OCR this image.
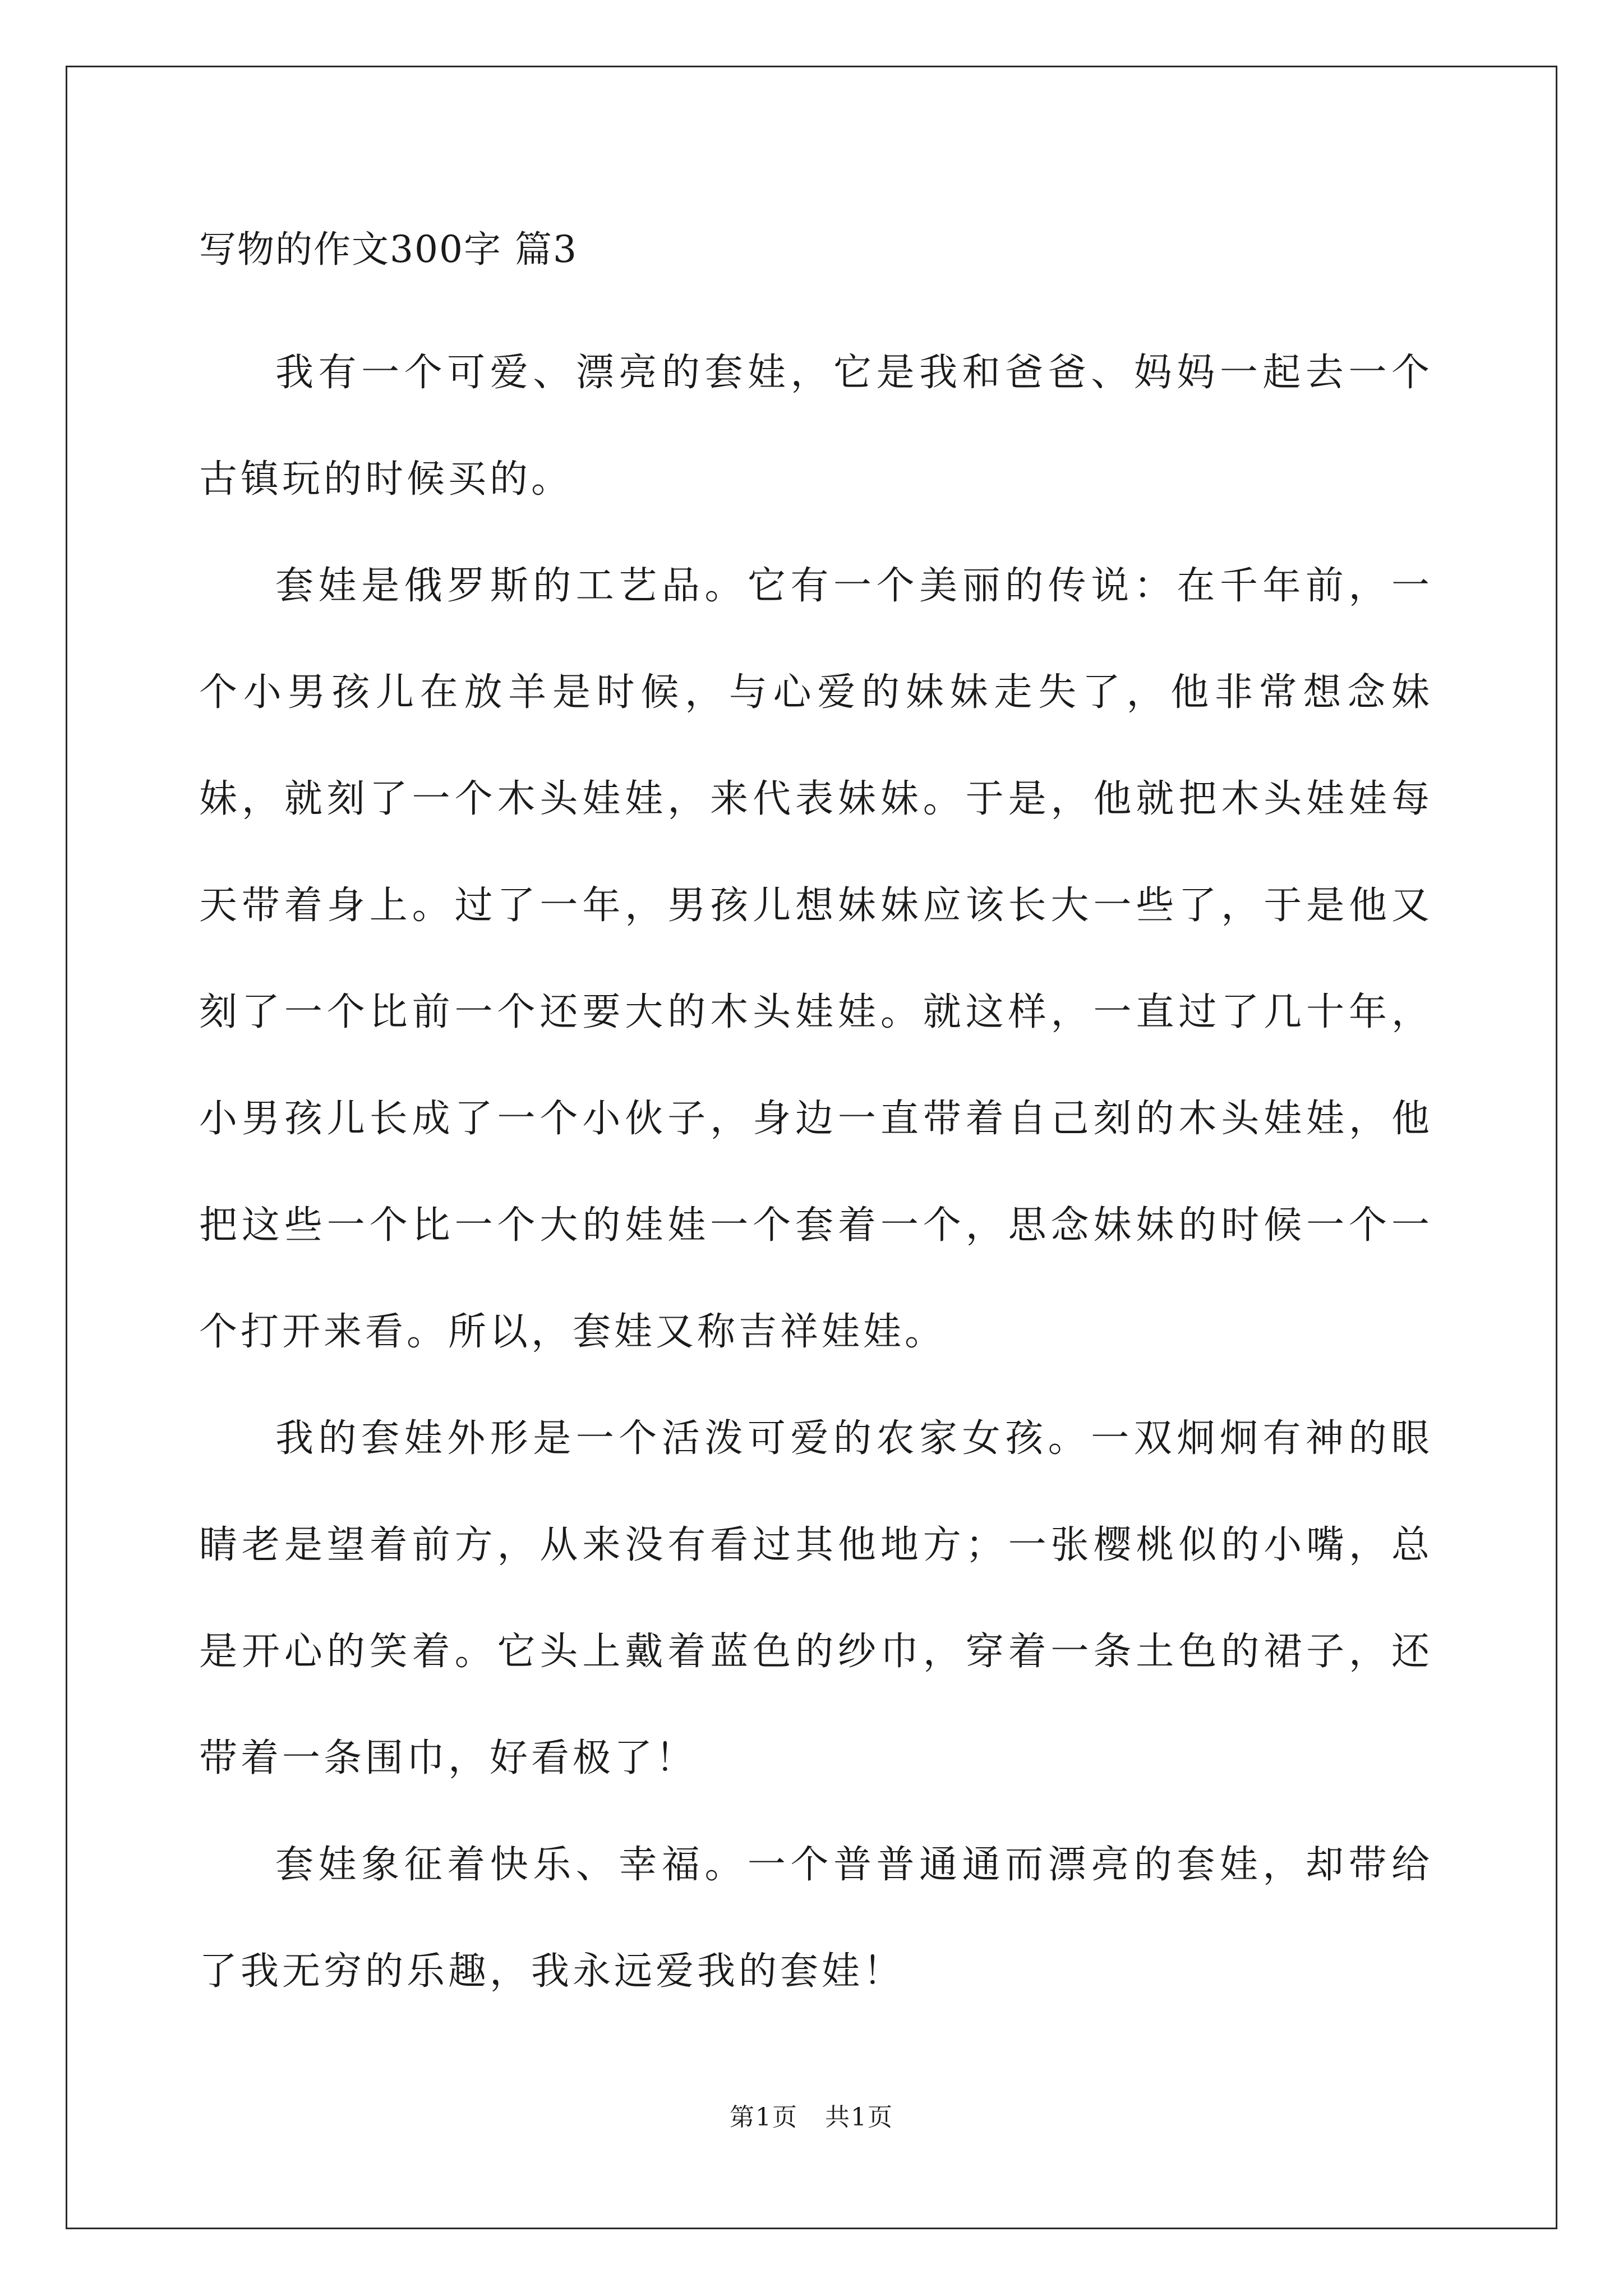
写物的作文300字 篇3

我有一个可爱、漂亮的套娃，它是我和爸爸、妈妈一起去一个古镇玩的时候买的。

套娃是俄罗斯的工艺品。它有一个美丽的传说：在千年前，一个小男孩儿在放羊是时候，与心爱的妹妹走失了，他非常想念妹妹，就刻了一个木头娃娃，来代表妹妹。于是，他就把木头娃娃每天带着身上。过了一年，男孩儿想妹妹应该长大一些了，于是他又刻了一个比前一个还要大的木头娃娃。就这样，一直过了几十年，小男孩儿长成了一个小伙子，身边一直带着自己刻的木头娃娃，他把这些一个比一个大的娃娃一个套着一个，思念妹妹的时候一个一个打开来看。所以，套娃又称吉祥娃娃。

我的套娃外形是一个活泼可爱的农家女孩。一双炯炯有神的眼睛老是望着前方，从来没有看过其他地方；一张樱桃似的小嘴，总是开心的笑着。它头上戴着蓝色的纱巾，穿着一条土色的裙子，还带着一条围巾，好看极了！

套娃象征着快乐、幸福。一个普普通通而漂亮的套娃，却带给了我无穷的乐趣，我永远爱我的套娃！

第1页 共1页
